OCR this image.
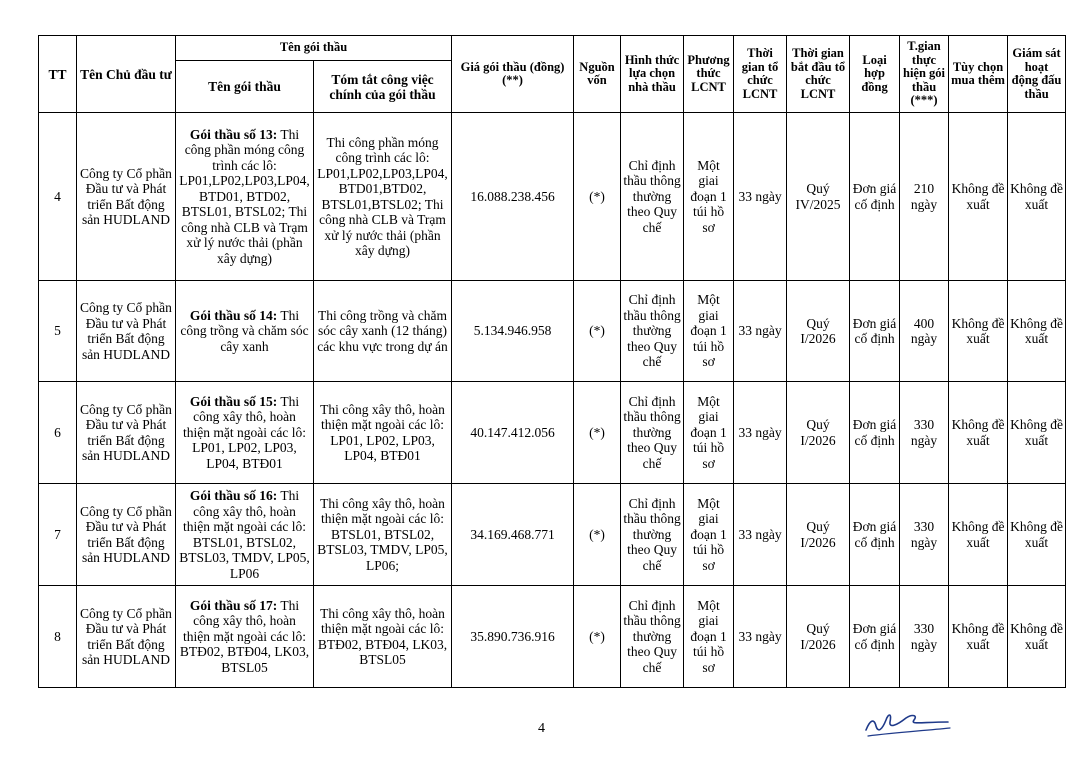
TT	Tên Chủ đầu tư	Tên gói thầu		Giá gói thầu (đồng) (**)	Nguồn vốn	Hình thức lựa chọn nhà thầu	Phương thức LCNT	Thời gian tổ chức LCNT	Thời gian bắt đầu tổ chức LCNT	Loại hợp đồng	T.gian thực hiện gói thầu (***)	Tùy chọn mua thêm	Giám sát hoạt động đấu thầu
		Tên gói thầu	Tóm tắt công việc chính của gói thầu										
4	Công ty Cổ phần Đầu tư và Phát triển Bất động sản HUDLAND	Gói thầu số 13: Thi công phần móng công trình các lô: LP01,LP02,LP03,LP04, BTD01, BTD02, BTSL01, BTSL02; Thi công nhà CLB và Trạm xử lý nước thải (phần xây dựng)	Thi công phần móng công trình các lô: LP01,LP02,LP03,LP04, BTD01,BTD02, BTSL01,BTSL02; Thi công nhà CLB và Trạm xử lý nước thải (phần xây dựng)	16.088.238.456	(*)	Chỉ định thầu thông thường theo Quy chế	Một giai đoạn 1 túi hồ sơ	33 ngày	Quý IV/2025	Đơn giá cố định	210 ngày	Không đề xuất	Không đề xuất
5	Công ty Cổ phần Đầu tư và Phát triển Bất động sản HUDLAND	Gói thầu số 14: Thi công trồng và chăm sóc cây xanh	Thi công trồng và chăm sóc cây xanh (12 tháng) các khu vực trong dự án	5.134.946.958	(*)	Chỉ định thầu thông thường theo Quy chế	Một giai đoạn 1 túi hồ sơ	33 ngày	Quý I/2026	Đơn giá cố định	400 ngày	Không đề xuất	Không đề xuất
6	Công ty Cổ phần Đầu tư và Phát triển Bất động sản HUDLAND	Gói thầu số 15: Thi công xây thô, hoàn thiện mặt ngoài các lô: LP01, LP02, LP03, LP04, BTĐ01	Thi công xây thô, hoàn thiện mặt ngoài các lô: LP01, LP02, LP03, LP04, BTĐ01	40.147.412.056	(*)	Chỉ định thầu thông thường theo Quy chế	Một giai đoạn 1 túi hồ sơ	33 ngày	Quý I/2026	Đơn giá cố định	330 ngày	Không đề xuất	Không đề xuất
7	Công ty Cổ phần Đầu tư và Phát triển Bất động sản HUDLAND	Gói thầu số 16: Thi công xây thô, hoàn thiện mặt ngoài các lô: BTSL01, BTSL02, BTSL03, TMDV, LP05, LP06	Thi công xây thô, hoàn thiện mặt ngoài các lô: BTSL01, BTSL02, BTSL03, TMDV, LP05, LP06;	34.169.468.771	(*)	Chỉ định thầu thông thường theo Quy chế	Một giai đoạn 1 túi hồ sơ	33 ngày	Quý I/2026	Đơn giá cố định	330 ngày	Không đề xuất	Không đề xuất
8	Công ty Cổ phần Đầu tư và Phát triển Bất động sản HUDLAND	Gói thầu số 17: Thi công xây thô, hoàn thiện mặt ngoài các lô: BTĐ02, BTĐ04, LK03, BTSL05	Thi công xây thô, hoàn thiện mặt ngoài các lô: BTĐ02, BTĐ04, LK03, BTSL05	35.890.736.916	(*)	Chỉ định thầu thông thường theo Quy chế	Một giai đoạn 1 túi hồ sơ	33 ngày	Quý I/2026	Đơn giá cố định	330 ngày	Không đề xuất	Không đề xuất
4
